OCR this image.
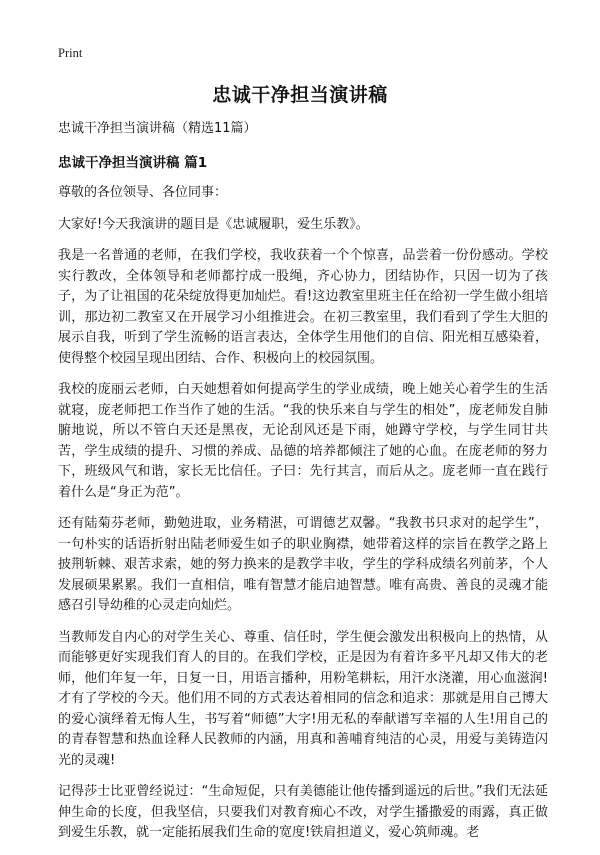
Print
忠诚干净担当演讲稿

忠诚干净担当演讲稿（精选11篇）

忠诚干净担当演讲稿 篇1

尊敬的各位领导、各位同事：

大家好!今天我演讲的题目是《忠诚履职，爱生乐教》。

我是一名普通的老师，在我们学校，我收获着一个个惊喜，品尝着一份份感动。学校实行教改，全体领导和老师都拧成一股绳，齐心协力，团结协作，只因一切为了孩子，为了让祖国的花朵绽放得更加灿烂。看!这边教室里班主任在给初一学生做小组培训，那边初二教室又在开展学习小组推进会。在初三教室里，我们看到了学生大胆的展示自我，听到了学生流畅的语言表达，全体学生用他们的自信、阳光相互感染着，使得整个校园呈现出团结、合作、积极向上的校园氛围。

我校的庞丽云老师，白天她想着如何提高学生的学业成绩，晚上她关心着学生的生活就寝，庞老师把工作当作了她的生活。“我的快乐来自与学生的相处”，庞老师发自肺腑地说，所以不管白天还是黑夜，无论刮风还是下雨，她蹲守学校，与学生同甘共苦，学生成绩的提升、习惯的养成、品德的培养都倾注了她的心血。在庞老师的努力下，班级风气和谐，家长无比信任。子曰：先行其言，而后从之。庞老师一直在践行着什么是“身正为范”。

还有陆菊芬老师，勤勉进取，业务精湛，可谓德艺双馨。“我教书只求对的起学生”，一句朴实的话语折射出陆老师爱生如子的职业胸襟，她带着这样的宗旨在教学之路上披荆斩棘、艰苦求索，她的努力换来的是教学丰收，学生的学科成绩名列前茅，个人发展硕果累累。我们一直相信，唯有智慧才能启迪智慧。唯有高贵、善良的灵魂才能感召引导幼稚的心灵走向灿烂。

当教师发自内心的对学生关心、尊重、信任时，学生便会激发出积极向上的热情，从而能够更好实现我们育人的目的。在我们学校，正是因为有着许多平凡却又伟大的老师，他们年复一年，日复一日，用语言播种，用粉笔耕耘，用汗水浇灌，用心血滋润!才有了学校的今天。他们用不同的方式表达着相同的信念和追求：那就是用自己博大的爱心演绎着无悔人生，书写着“师德”大字!用无私的奉献谱写幸福的人生!用自己的的青春智慧和热血诠释人民教师的内涵，用真和善哺育纯洁的心灵，用爱与美铸造闪光的灵魂!

记得莎士比亚曾经说过：“生命短促，只有美德能让他传播到遥远的后世。”我们无法延伸生命的长度，但我坚信，只要我们对教育痴心不改，对学生播撒爱的雨露，真正做到爱生乐教，就一定能拓展我们生命的宽度!铁肩担道义，爱心筑师魂。老
